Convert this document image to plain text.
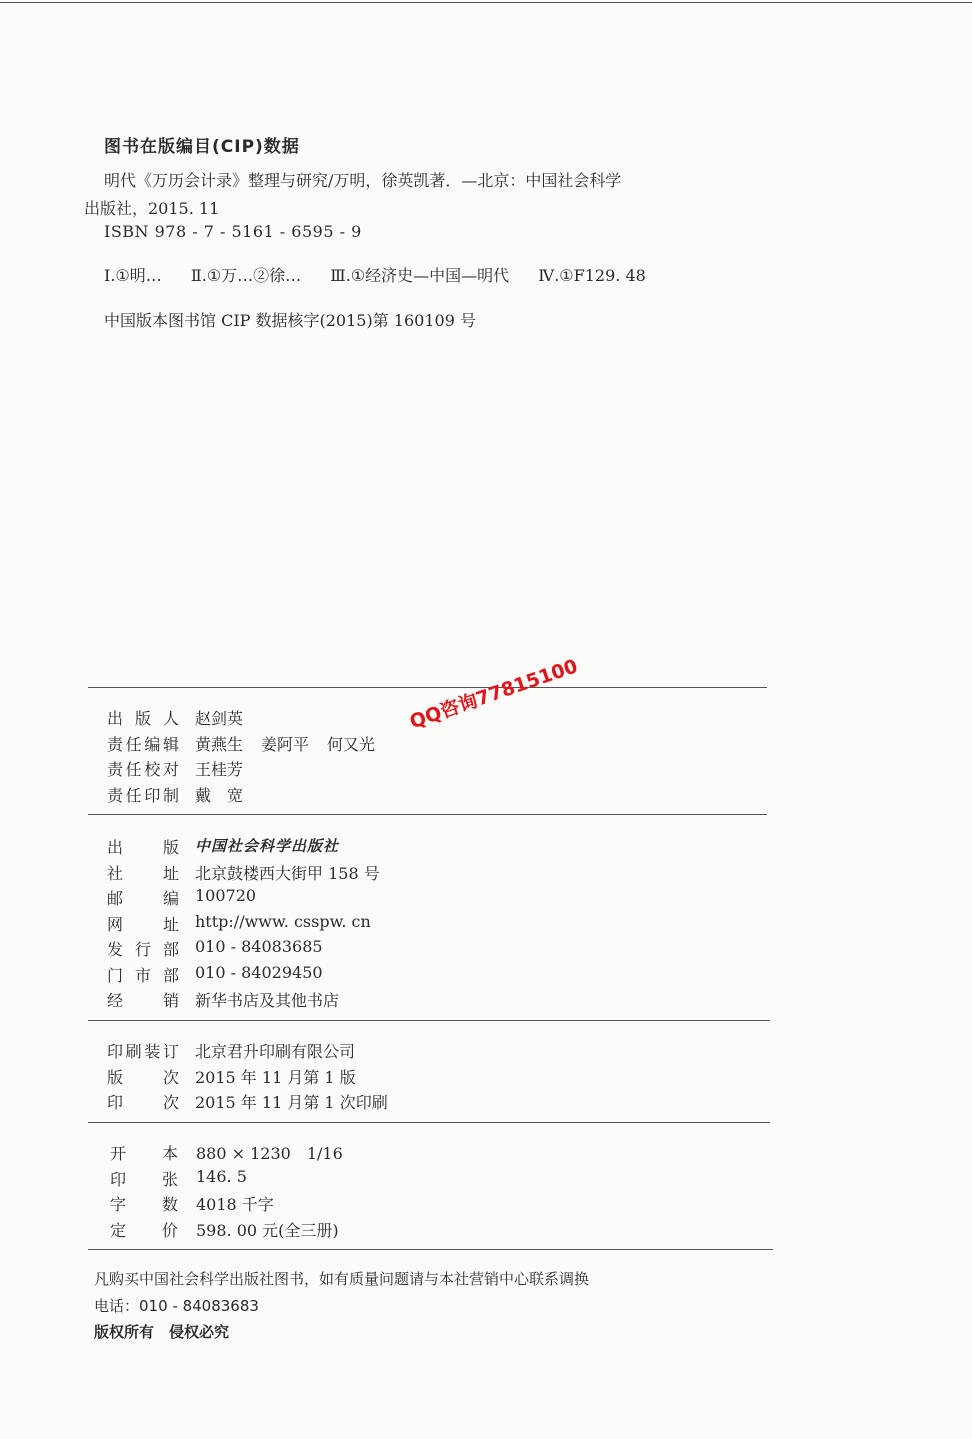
图书在版编目(CIP)数据
明代《万历会计录》整理与研究/万明，徐英凯著．—北京：中国社会科学
出版社，2015. 11
ISBN 978 - 7 - 5161 - 6595 - 9
Ⅰ.①明… Ⅱ.①万…②徐… Ⅲ.①经济史—中国—明代 Ⅳ.①F129. 48
中国版本图书馆 CIP 数据核字(2015)第 160109 号
出版人 赵剑英
责任编辑 黄燕生 姜阿平 何又光
责任校对 王桂芳
责任印制 戴宽
QQ咨询77815100
出版 中国社会科学出版社
社址 北京鼓楼西大街甲 158 号
邮编 100720
网址 http://www. csspw. cn
发行部 010 - 84083685
门市部 010 - 84029450
经销 新华书店及其他书店
印刷装订 北京君升印刷有限公司
版次 2015 年 11 月第 1 版
印次 2015 年 11 月第 1 次印刷
开本 880 × 1230　1/16
印张 146. 5
字数 4018 千字
定价 598. 00 元(全三册)
凡购买中国社会科学出版社图书，如有质量问题请与本社营销中心联系调换
电话：010 - 84083683
版权所有　侵权必究
